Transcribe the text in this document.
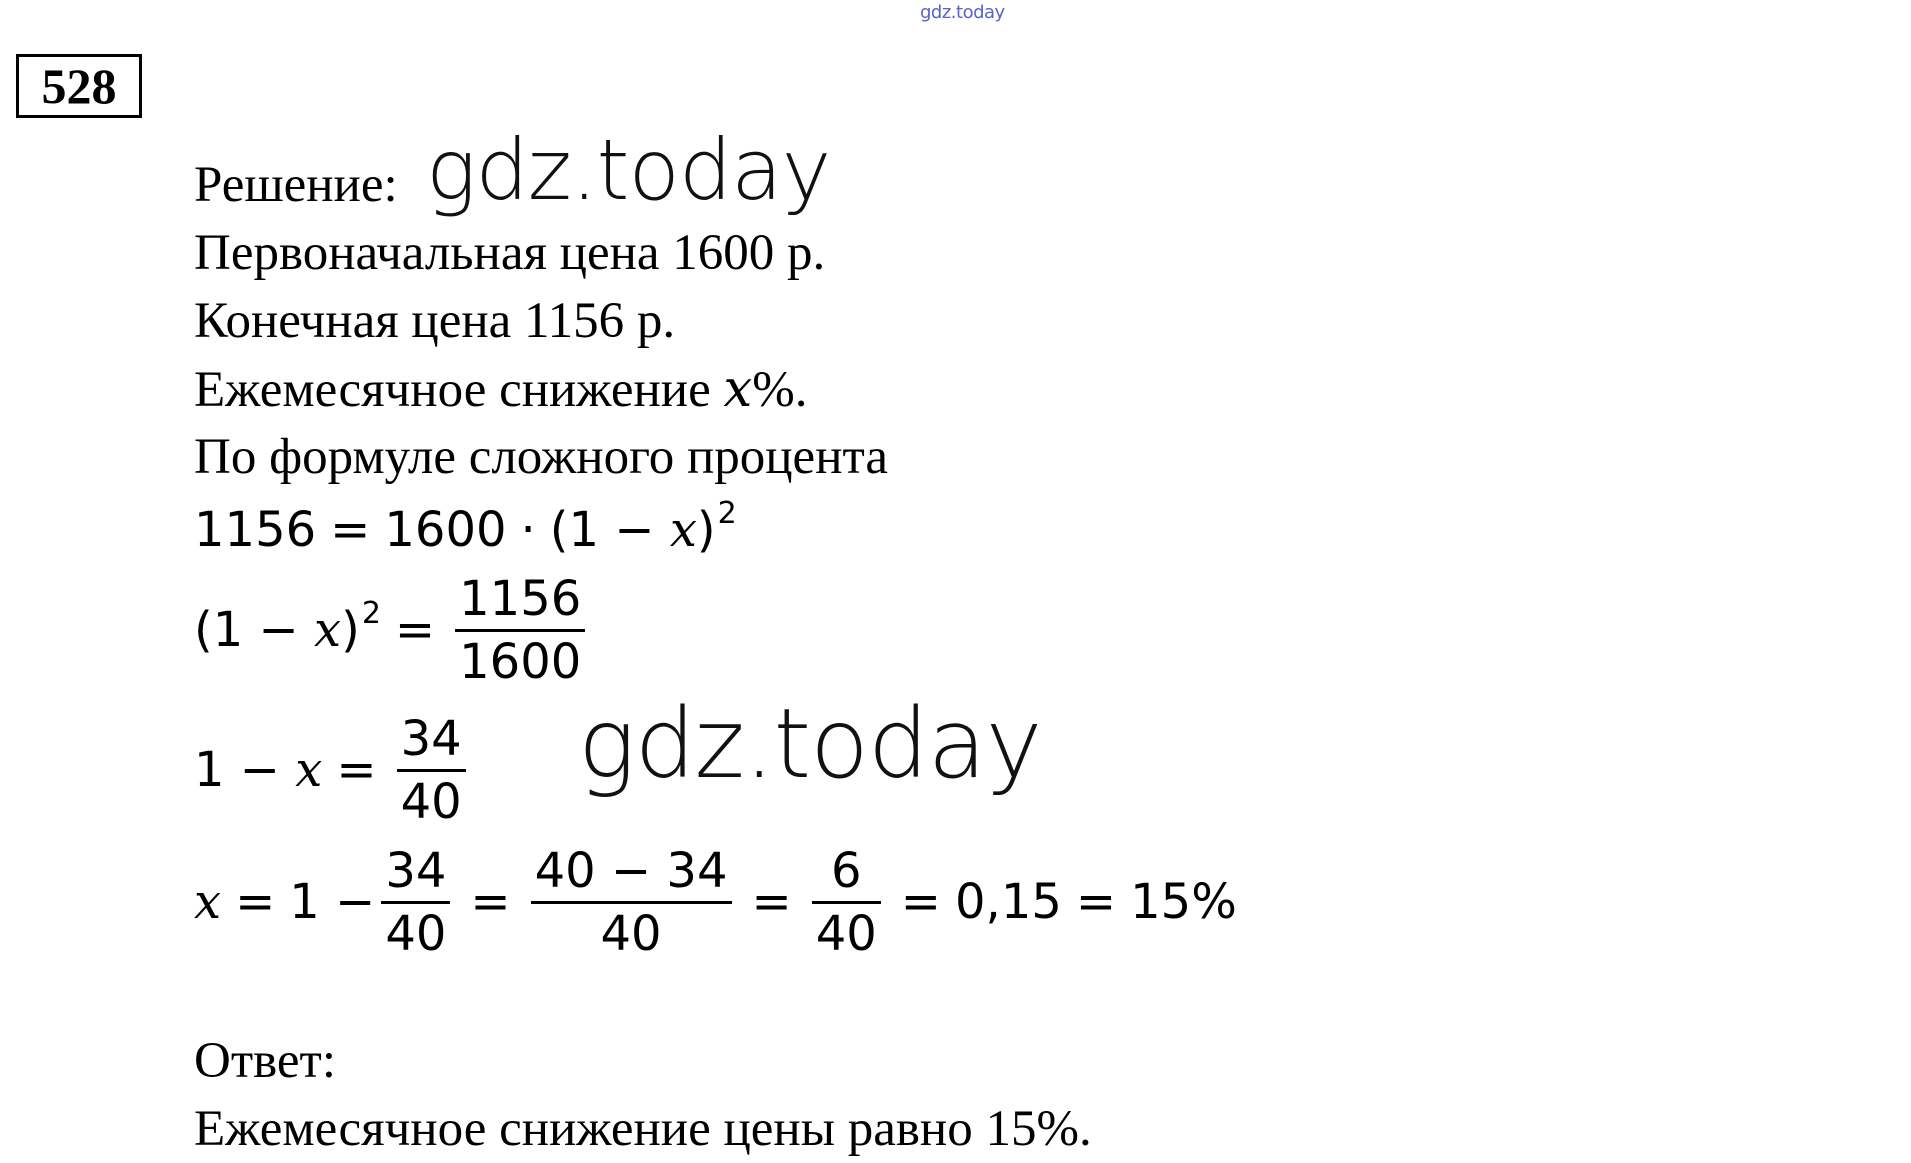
gdz.today
528
Решение: gdz.today
Первоначальная цена 1600 р.
Конечная цена 1156 р.
Ежемесячное снижение x%.
По формуле сложного процента
1156 = 1600 · (1 −
x )$^2$
(1 −
x )$^2 = \frac{1156}{1600}$
1 −
$x = \frac{34}{40}$ gdz.today
$x = 1 - \frac{34}{40} = \frac{40 - 34}{40} = \frac{6}{40} = 0,15 = 15\%$
Ответ:
Ежемесячное снижение цены равно 15%.
